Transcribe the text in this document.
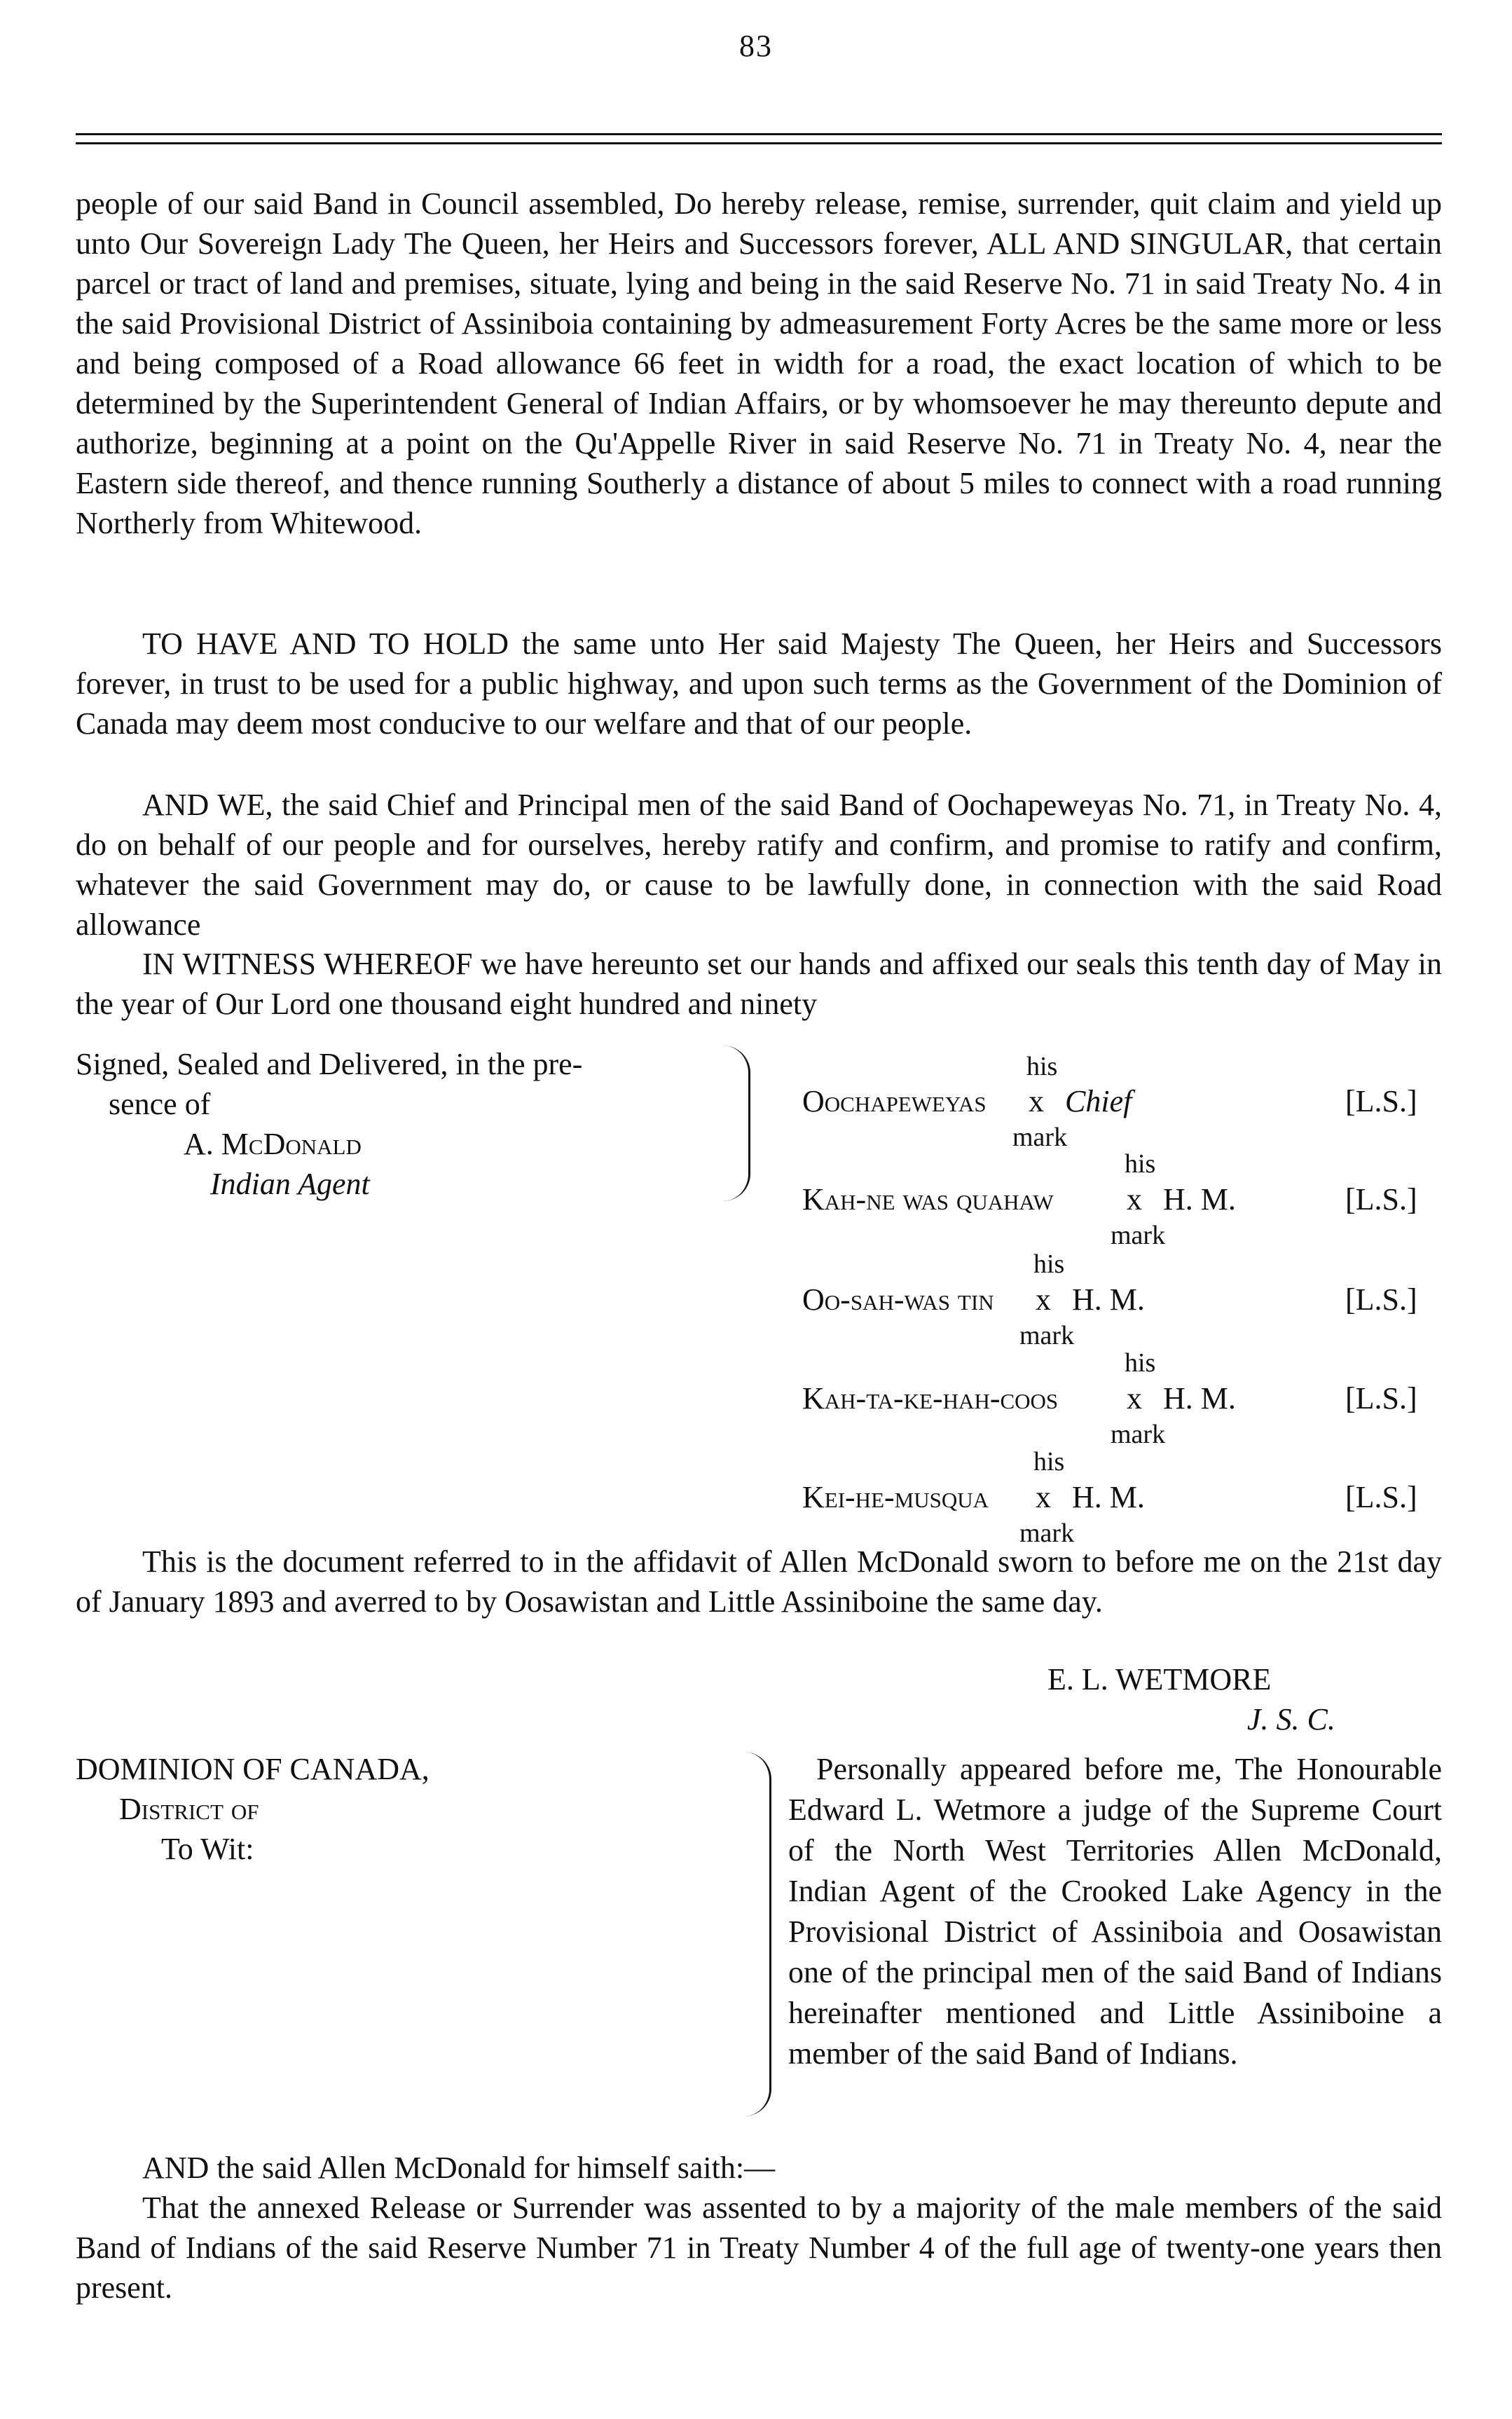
83

people of our said Band in Council assembled, Do hereby release, remise, surrender, quit claim and yield up unto Our Sovereign Lady The Queen, her Heirs and Successors forever, ALL AND SINGULAR, that certain parcel or tract of land and premises, situate, lying and being in the said Reserve No. 71 in said Treaty No. 4 in the said Provisional District of Assiniboia containing by admeasurement Forty Acres be the same more or less and being composed of a Road allowance 66 feet in width for a road, the exact location of which to be determined by the Superintendent General of Indian Affairs, or by whomsoever he may thereunto depute and authorize, beginning at a point on the Qu'Appelle River in said Reserve No. 71 in Treaty No. 4, near the Eastern side thereof, and thence running Southerly a distance of about 5 miles to connect with a road running Northerly from Whitewood.

TO HAVE AND TO HOLD the same unto Her said Majesty The Queen, her Heirs and Successors forever, in trust to be used for a public highway, and upon such terms as the Government of the Dominion of Canada may deem most conducive to our welfare and that of our people.

AND WE, the said Chief and Principal men of the said Band of Oochapeweyas No. 71, in Treaty No. 4, do on behalf of our people and for ourselves, hereby ratify and confirm, and promise to ratify and confirm, whatever the said Government may do, or cause to be lawfully done, in connection with the said Road allowance

IN WITNESS WHEREOF we have hereunto set our hands and affixed our seals this tenth day of May in the year of Our Lord one thousand eight hundred and ninety

Signed, Sealed and Delivered, in the pre-
sence of
A. McDonald
Indian Agent
his
Oochapeweyas x Chief	[L.S.]
mark
his
Kah-ne was quahaw x H. M.	[L.S.]
mark
his
Oo-sah-was tin x H. M.	[L.S.]
mark
his
Kah-ta-ke-hah-coos x H. M.	[L.S.]
mark
his
Kei-he-musqua x H. M.	[L.S.]
mark

This is the document referred to in the affidavit of Allen McDonald sworn to before me on the 21st day of January 1893 and averred to by Oosawistan and Little Assiniboine the same day.

E. L. WETMORE
J. S. C.
DOMINION OF CANADA,
District of
To Wit:

Personally appeared before me, The Honourable Edward L. Wetmore a judge of the Supreme Court of the North West Territories Allen McDonald, Indian Agent of the Crooked Lake Agency in the Provisional District of Assiniboia and Oosawistan one of the principal men of the said Band of Indians hereinafter mentioned and Little Assiniboine a member of the said Band of Indians.

AND the said Allen McDonald for himself saith:—

That the annexed Release or Surrender was assented to by a majority of the male members of the said Band of Indians of the said Reserve Number 71 in Treaty Number 4 of the full age of twenty-one years then present.
